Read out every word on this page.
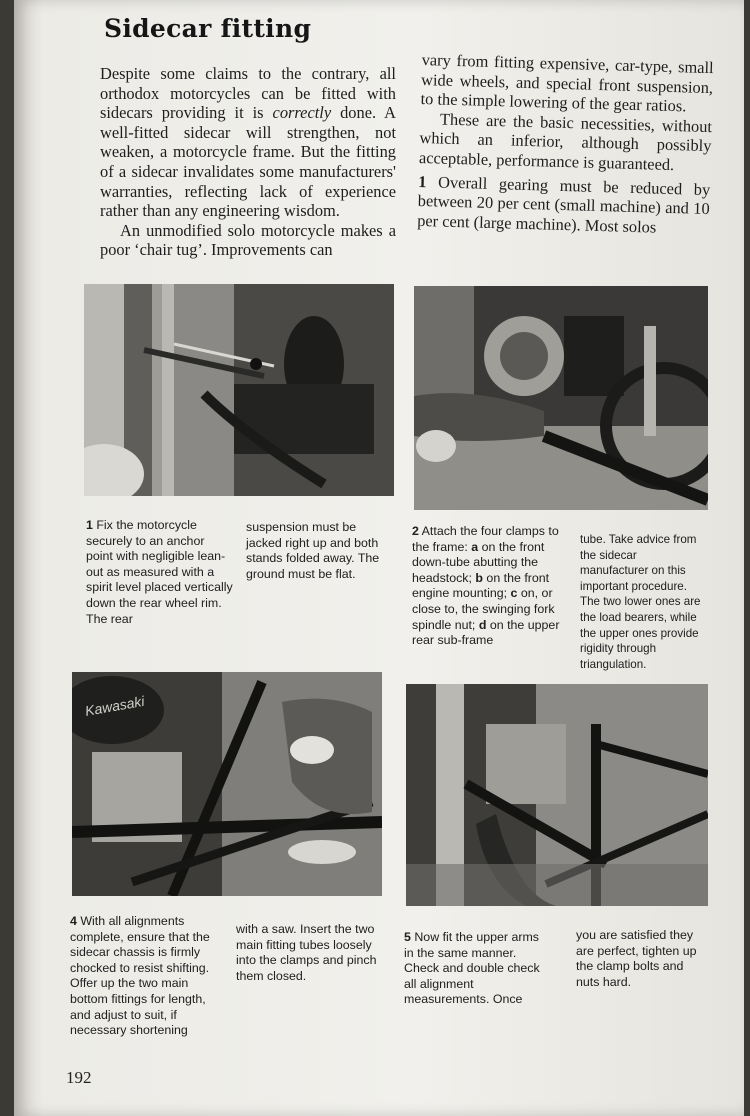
Sidecar fitting

Despite some claims to the contrary, all orthodox motorcycles can be fitted with sidecars providing it is correctly done. A well-fitted sidecar will strengthen, not weaken, a motorcycle frame. But the fitting of a sidecar invalidates some manufacturers' warranties, reflecting lack of experience rather than any engineering wisdom.

An unmodified solo motorcycle makes a poor ‘chair tug’. Improvements can

vary from fitting expensive, car-type, small wide wheels, and special front suspension, to the simple lowering of the gear ratios.

These are the basic necessities, without which an inferior, although possibly acceptable, performance is guaranteed.

1 Overall gearing must be reduced by between 20 per cent (small machine) and 10 per cent (large machine). Most solos

1 Fix the motorcycle securely to an anchor point with negligible lean-out as measured with a spirit level placed vertically down the rear wheel rim. The rear
suspension must be jacked right up and both stands folded away. The ground must be flat.
2 Attach the four clamps to the frame: a on the front down-tube abutting the headstock; b on the front engine mounting; c on, or close to, the swinging fork spindle nut; d on the upper rear sub-frame
tube. Take advice from the sidecar manufacturer on this important procedure. The two lower ones are the load bearers, while the upper ones provide rigidity through triangulation.
Kawasaki
4 With all alignments complete, ensure that the sidecar chassis is firmly chocked to resist shifting. Offer up the two main bottom fittings for length, and adjust to suit, if necessary shortening
with a saw. Insert the two main fitting tubes loosely into the clamps and pinch them closed.
5 Now fit the upper arms in the same manner. Check and double check all alignment measurements. Once
you are satisfied they are perfect, tighten up the clamp bolts and nuts hard.
192
